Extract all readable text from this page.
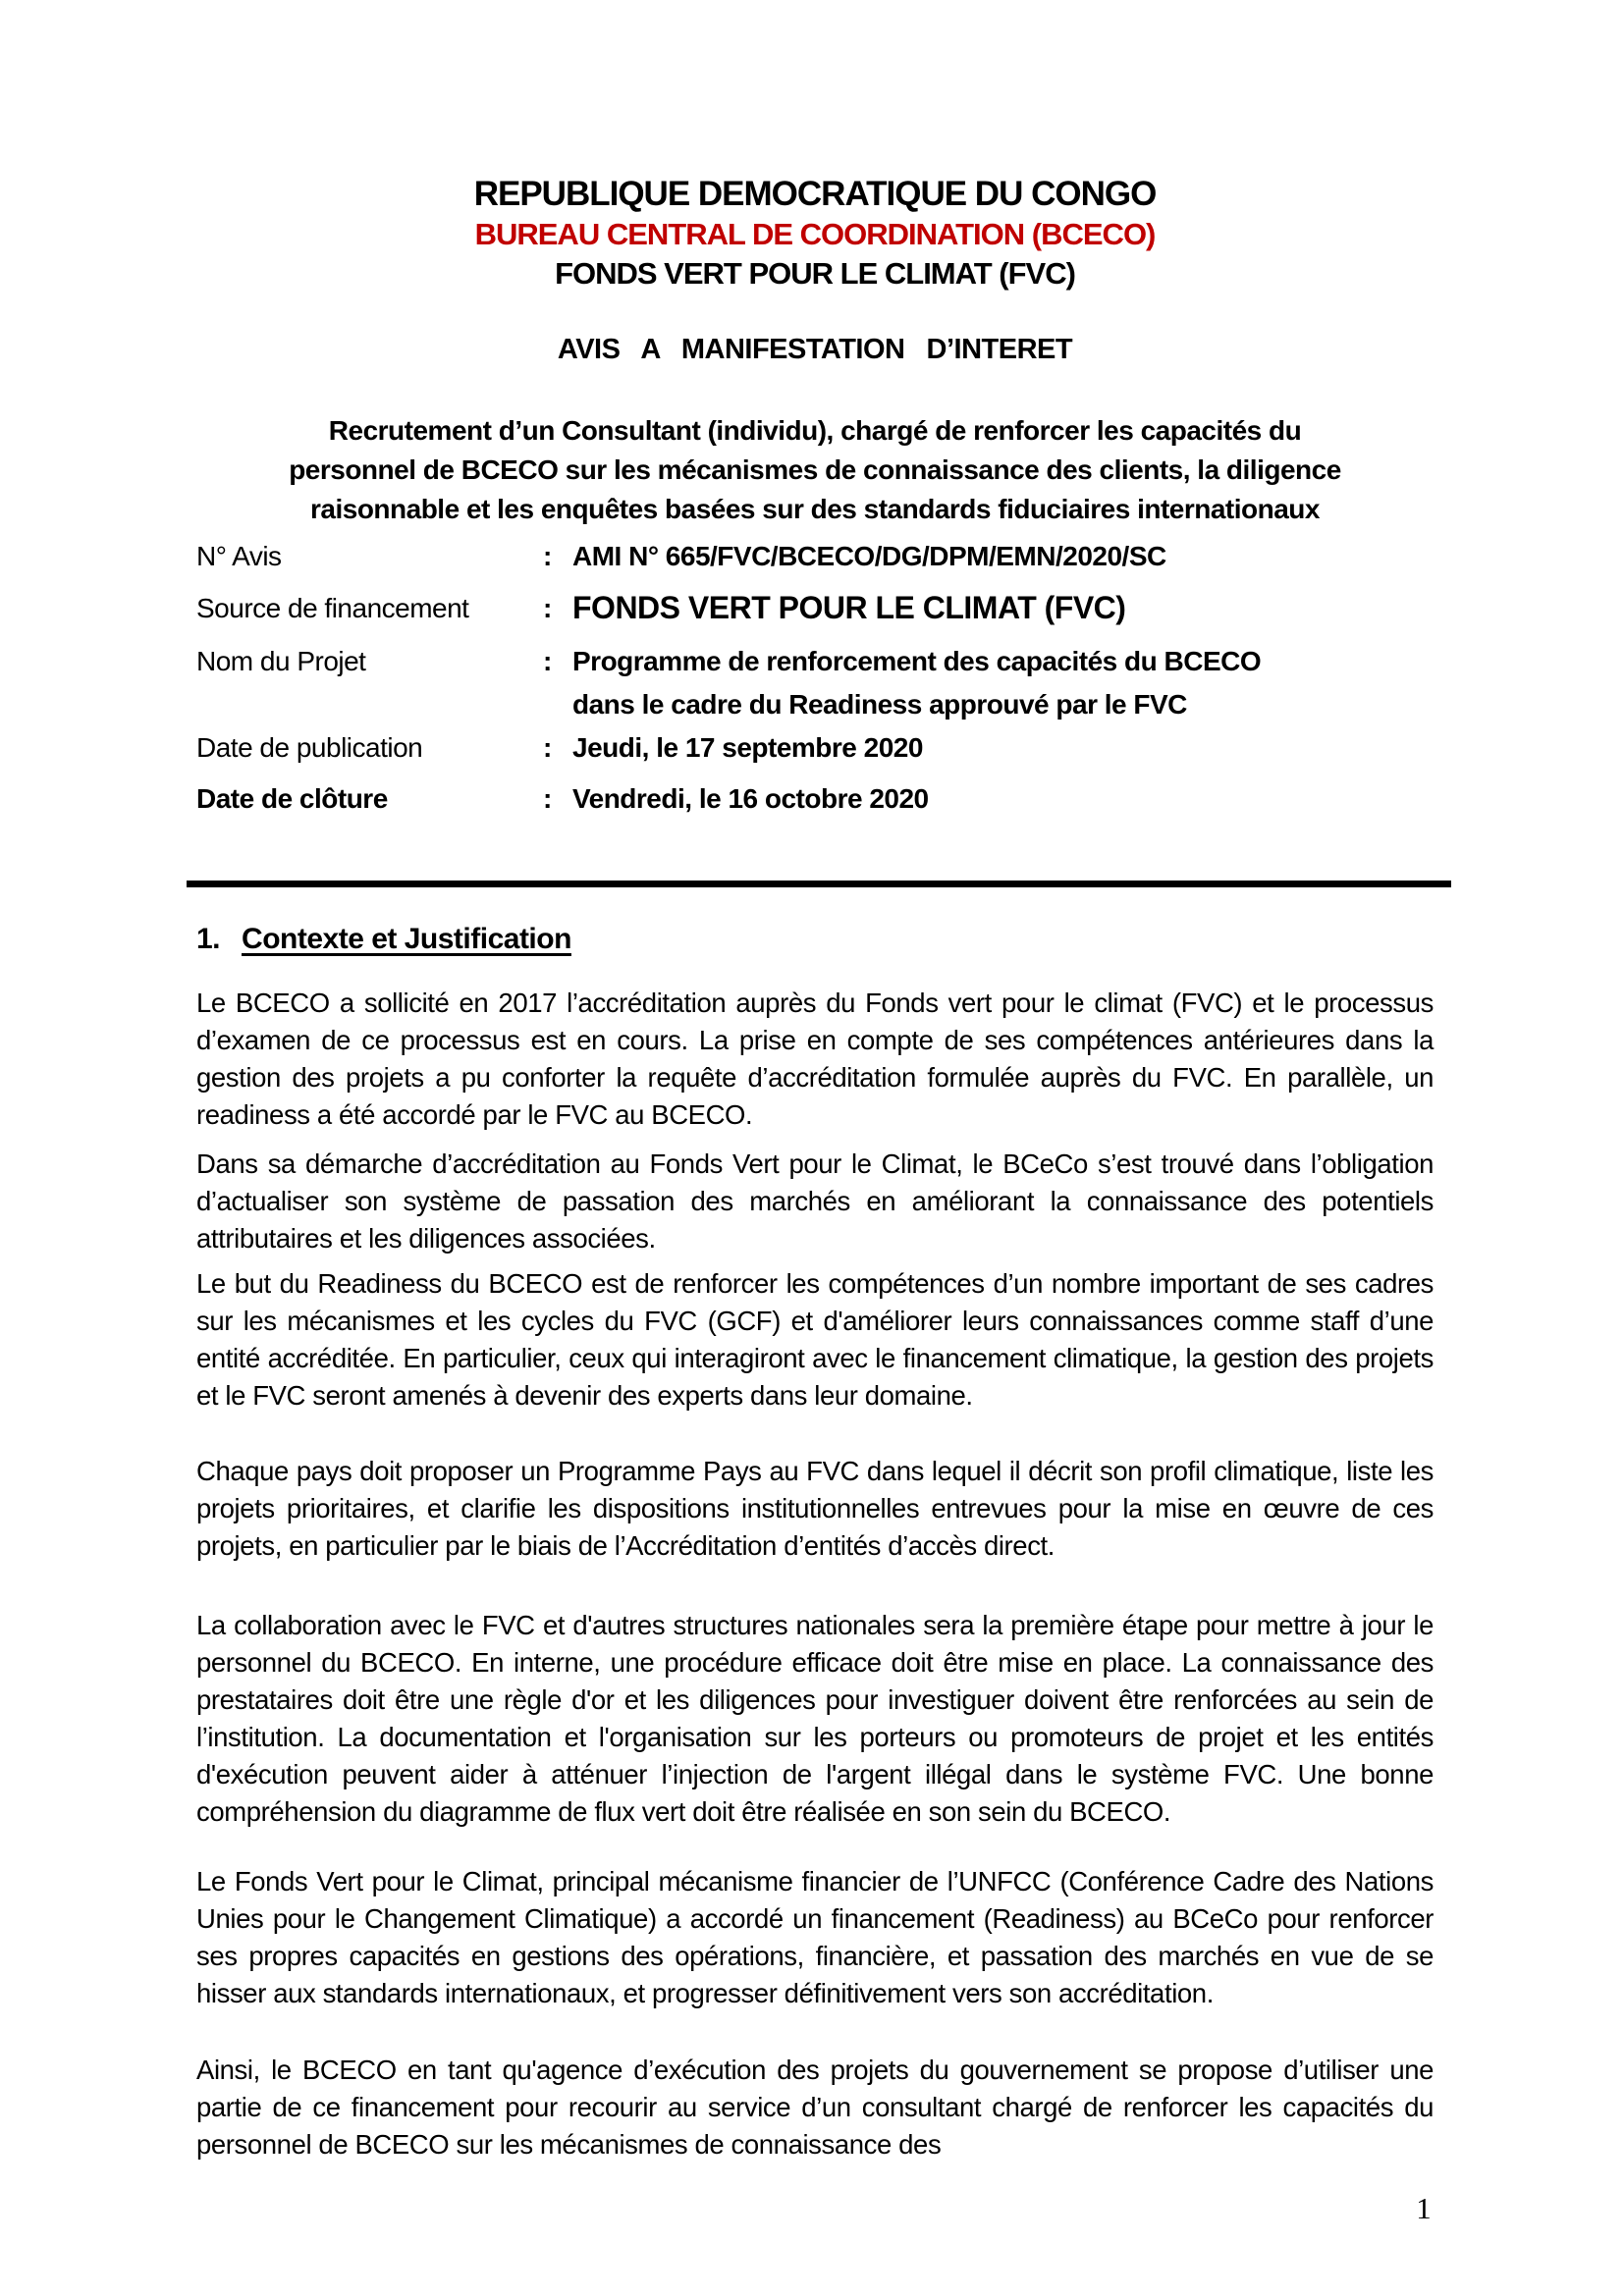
REPUBLIQUE DEMOCRATIQUE DU CONGO
BUREAU CENTRAL DE COORDINATION (BCECO)
FONDS VERT POUR LE CLIMAT (FVC)
AVIS A MANIFESTATION D’INTERET
Recrutement d’un Consultant (individu), chargé de renforcer les capacités du
personnel de BCECO sur les mécanismes de connaissance des clients, la diligence
raisonnable et les enquêtes basées sur des standards fiduciaires internationaux
N° Avis	: AMI N° 665/FVC/BCECO/DG/DPM/EMN/2020/SC
Source de financement	: FONDS VERT POUR LE CLIMAT (FVC)
Nom du Projet	: Programme de renforcement des capacités du BCECO
dans le cadre du Readiness approuvé par le FVC
Date de publication	: Jeudi, le 17 septembre 2020
Date de clôture	: Vendredi, le 16 octobre 2020
1. Contexte et Justification
Le BCECO a sollicité en 2017 l’accréditation auprès du Fonds vert pour le climat (FVC) et le processus d’examen de ce processus est en cours. La prise en compte de ses compétences antérieures dans la gestion des projets a pu conforter la requête d’accréditation formulée auprès du FVC. En parallèle, un readiness a été accordé par le FVC au BCECO.
Dans sa démarche d’accréditation au Fonds Vert pour le Climat, le BCeCo s’est trouvé dans l’obligation d’actualiser son système de passation des marchés en améliorant la connaissance des potentiels attributaires et les diligences associées.
Le but du Readiness du BCECO est de renforcer les compétences d’un nombre important de ses cadres sur les mécanismes et les cycles du FVC (GCF) et d'améliorer leurs connaissances comme staff d’une entité accréditée. En particulier, ceux qui interagiront avec le financement climatique, la gestion des projets et le FVC seront amenés à devenir des experts dans leur domaine.
Chaque pays doit proposer un Programme Pays au FVC dans lequel il décrit son profil climatique, liste les projets prioritaires, et clarifie les dispositions institutionnelles entrevues pour la mise en œuvre de ces projets, en particulier par le biais de l’Accréditation d’entités d’accès direct.
La collaboration avec le FVC et d'autres structures nationales sera la première étape pour mettre à jour le personnel du BCECO. En interne, une procédure efficace doit être mise en place. La connaissance des prestataires doit être une règle d'or et les diligences pour investiguer doivent être renforcées au sein de l’institution. La documentation et l'organisation sur les porteurs ou promoteurs de projet et les entités d'exécution peuvent aider à atténuer l’injection de l'argent illégal dans le système FVC. Une bonne compréhension du diagramme de flux vert doit être réalisée en son sein du BCECO.
Le Fonds Vert pour le Climat, principal mécanisme financier de l’UNFCC (Conférence Cadre des Nations Unies pour le Changement Climatique) a accordé un financement (Readiness) au BCeCo pour renforcer ses propres capacités en gestions des opérations, financière, et passation des marchés en vue de se hisser aux standards internationaux, et progresser définitivement vers son accréditation.
Ainsi, le BCECO en tant qu'agence d’exécution des projets du gouvernement se propose d’utiliser une partie de ce financement pour recourir au service d’un consultant chargé de renforcer les capacités du personnel de BCECO sur les mécanismes de connaissance des
1
